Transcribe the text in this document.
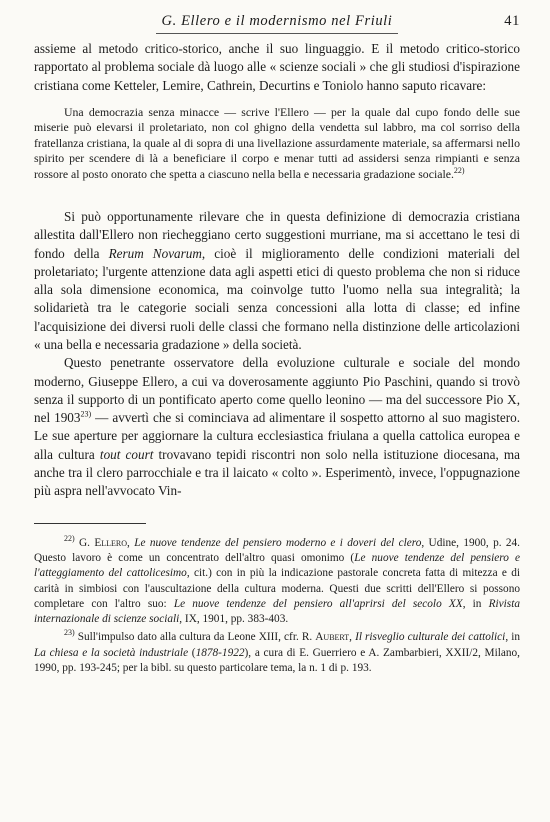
G. Ellero e il modernismo nel Friuli	41

assieme al metodo critico-storico, anche il suo linguaggio. E il metodo critico-storico rapportato al problema sociale dà luogo alle « scienze sociali » che gli studiosi d'ispirazione cristiana come Ketteler, Lemire, Cathrein, Decurtins e Toniolo hanno saputo ricavare:

Una democrazia senza minacce — scrive l'Ellero — per la quale dal cupo fondo delle sue miserie può elevarsi il proletariato, non col ghigno della vendetta sul labbro, ma col sorriso della fratellanza cristiana, la quale al di sopra di una livellazione assurdamente materiale, sa affermarsi nello spirito per scendere di là a beneficiare il corpo e menar tutti ad assidersi senza rimpianti e senza rossore al posto onorato che spetta a ciascuno nella bella e necessaria gradazione sociale.$^{22)}$

Si può opportunamente rilevare che in questa definizione di democrazia cristiana allestita dall'Ellero non riecheggiano certo suggestioni murriane, ma si accettano le tesi di fondo della Rerum Novarum, cioè il miglioramento delle condizioni materiali del proletariato; l'urgente attenzione data agli aspetti etici di questo problema che non si riduce alla sola dimensione economica, ma coinvolge tutto l'uomo nella sua integralità; la solidarietà tra le categorie sociali senza concessioni alla lotta di classe; ed infine l'acquisizione dei diversi ruoli delle classi che formano nella distinzione delle articolazioni « una bella e necessaria gradazione » della società.

Questo penetrante osservatore della evoluzione culturale e sociale del mondo moderno, Giuseppe Ellero, a cui va doverosamente aggiunto Pio Paschini, quando si trovò senza il supporto di un pontificato aperto come quello leonino — ma del successore Pio X, nel 1903$^{23)}$ — avvertì che si cominciava ad alimentare il sospetto attorno al suo magistero. Le sue aperture per aggiornare la cultura ecclesiastica friulana a quella cattolica europea e alla cultura tout court trovavano tepidi riscontri non solo nella istituzione diocesana, ma anche tra il clero parrocchiale e tra il laicato « colto ». Esperimentò, invece, l'oppugnazione più aspra nell'avvocato Vin-

$^{22)}$ G. Ellero, Le nuove tendenze del pensiero moderno e i doveri del clero, Udine, 1900, p. 24. Questo lavoro è come un concentrato dell'altro quasi omonimo (Le nuove tendenze del pensiero e l'atteggiamento del cattolicesimo, cit.) con in più la indicazione pastorale concreta fatta di mitezza e di carità in simbiosi con l'auscultazione della cultura moderna. Questi due scritti dell'Ellero si possono completare con l'altro suo: Le nuove tendenze del pensiero all'aprirsi del secolo XX, in Rivista internazionale di scienze sociali, IX, 1901, pp. 383-403.

$^{23)}$ Sull'impulso dato alla cultura da Leone XIII, cfr. R. Aubert, Il risveglio culturale dei cattolici, in La chiesa e la società industriale (1878-1922), a cura di E. Guerriero e A. Zambarbieri, XXII/2, Milano, 1990, pp. 193-245; per la bibl. su questo particolare tema, la n. 1 di p. 193.
